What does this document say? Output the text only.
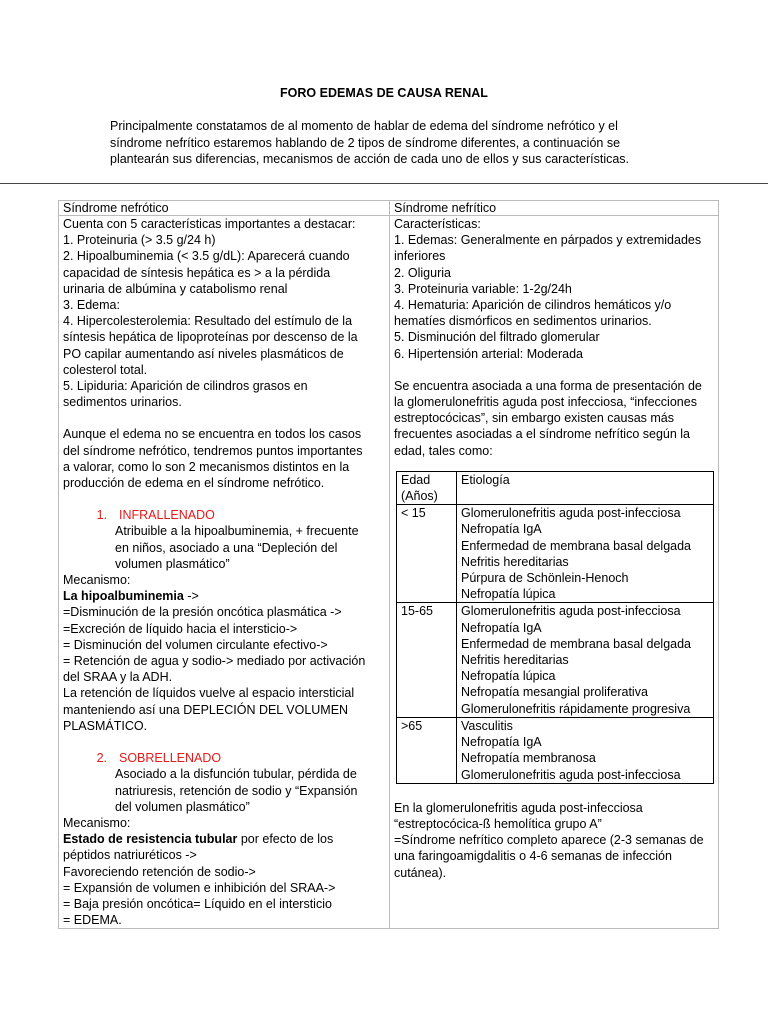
FORO EDEMAS DE CAUSA RENAL
Principalmente constatamos de al momento de hablar de edema del síndrome nefrótico y el
síndrome nefrítico estaremos hablando de 2 tipos de síndrome diferentes, a continuación se
plantearán sus diferencias, mecanismos de acción de cada uno de ellos y sus características.
Síndrome nefrótico	Síndrome nefrítico

Cuenta con 5 características importantes a destacar:
1. Proteinuria (> 3.5 g/24 h)
2. Hipoalbuminemia (< 3.5 g/dL): Aparecerá cuando
capacidad de síntesis hepática es > a la pérdida
urinaria de albúmina y catabolismo renal
3. Edema:
4. Hipercolesterolemia: Resultado del estímulo de la
síntesis hepática de lipoproteínas por descenso de la
PO capilar aumentando así niveles plasmáticos de
colesterol total.
5. Lipiduria: Aparición de cilindros grasos en
sedimentos urinarios.
Aunque el edema no se encuentra en todos los casos
del síndrome nefrótico, tendremos puntos importantes
a valorar, como lo son 2 mecanismos distintos en la
producción de edema en el síndrome nefrótico.
1. INFRALLENADO
Atribuible a la hipoalbuminemia, + frecuente
en niños, asociado a una “Depleción del
volumen plasmático”
Mecanismo:
La hipoalbuminemia ->
=Disminución de la presión oncótica plasmática ->
=Excreción de líquido hacia el intersticio->
= Disminución del volumen circulante efectivo->
= Retención de agua y sodio-> mediado por activación
del SRAA y la ADH.
La retención de líquidos vuelve al espacio intersticial
manteniendo así una DEPLECIÓN DEL VOLUMEN
PLASMÁTICO.
2. SOBRELLENADO
Asociado a la disfunción tubular, pérdida de
natriuresis, retención de sodio y “Expansión
del volumen plasmático”
Mecanismo:
Estado de resistencia tubular por efecto de los
péptidos natriuréticos ->
Favoreciendo retención de sodio->
= Expansión de volumen e inhibición del SRAA->
= Baja presión oncótica= Líquido en el intersticio
= EDEMA.

Características:
1. Edemas: Generalmente en párpados y extremidades
inferiores
2. Oliguria
3. Proteinuria variable: 1-2g/24h
4. Hematuria: Aparición de cilindros hemáticos y/o
hematíes dismórficos en sedimentos urinarios.
5. Disminución del filtrado glomerular
6. Hipertensión arterial: Moderada
Se encuentra asociada a una forma de presentación de
la glomerulonefritis aguda post infecciosa, “infecciones
estreptocócicas”, sin embargo existen causas más
frecuentes asociadas a el síndrome nefrítico según la
edad, tales como:
Edad
(Años)	Etiología
< 15	Glomerulonefritis aguda post-infecciosa
Nefropatía IgA
Enfermedad de membrana basal delgada
Nefritis hereditarias
Púrpura de Schönlein-Henoch
Nefropatía lúpica

15-65	Glomerulonefritis aguda post-infecciosa
Nefropatía IgA
Enfermedad de membrana basal delgada
Nefritis hereditarias
Nefropatía lúpica
Nefropatía mesangial proliferativa
Glomerulonefritis rápidamente progresiva

>65	Vasculitis
Nefropatía IgA
Nefropatía membranosa
Glomerulonefritis aguda post-infecciosa
En la glomerulonefritis aguda post-infecciosa
“estreptocócica-ß hemolítica grupo A”
=Síndrome nefrítico completo aparece (2-3 semanas de
una faringoamigdalitis o 4-6 semanas de infección
cutánea).
